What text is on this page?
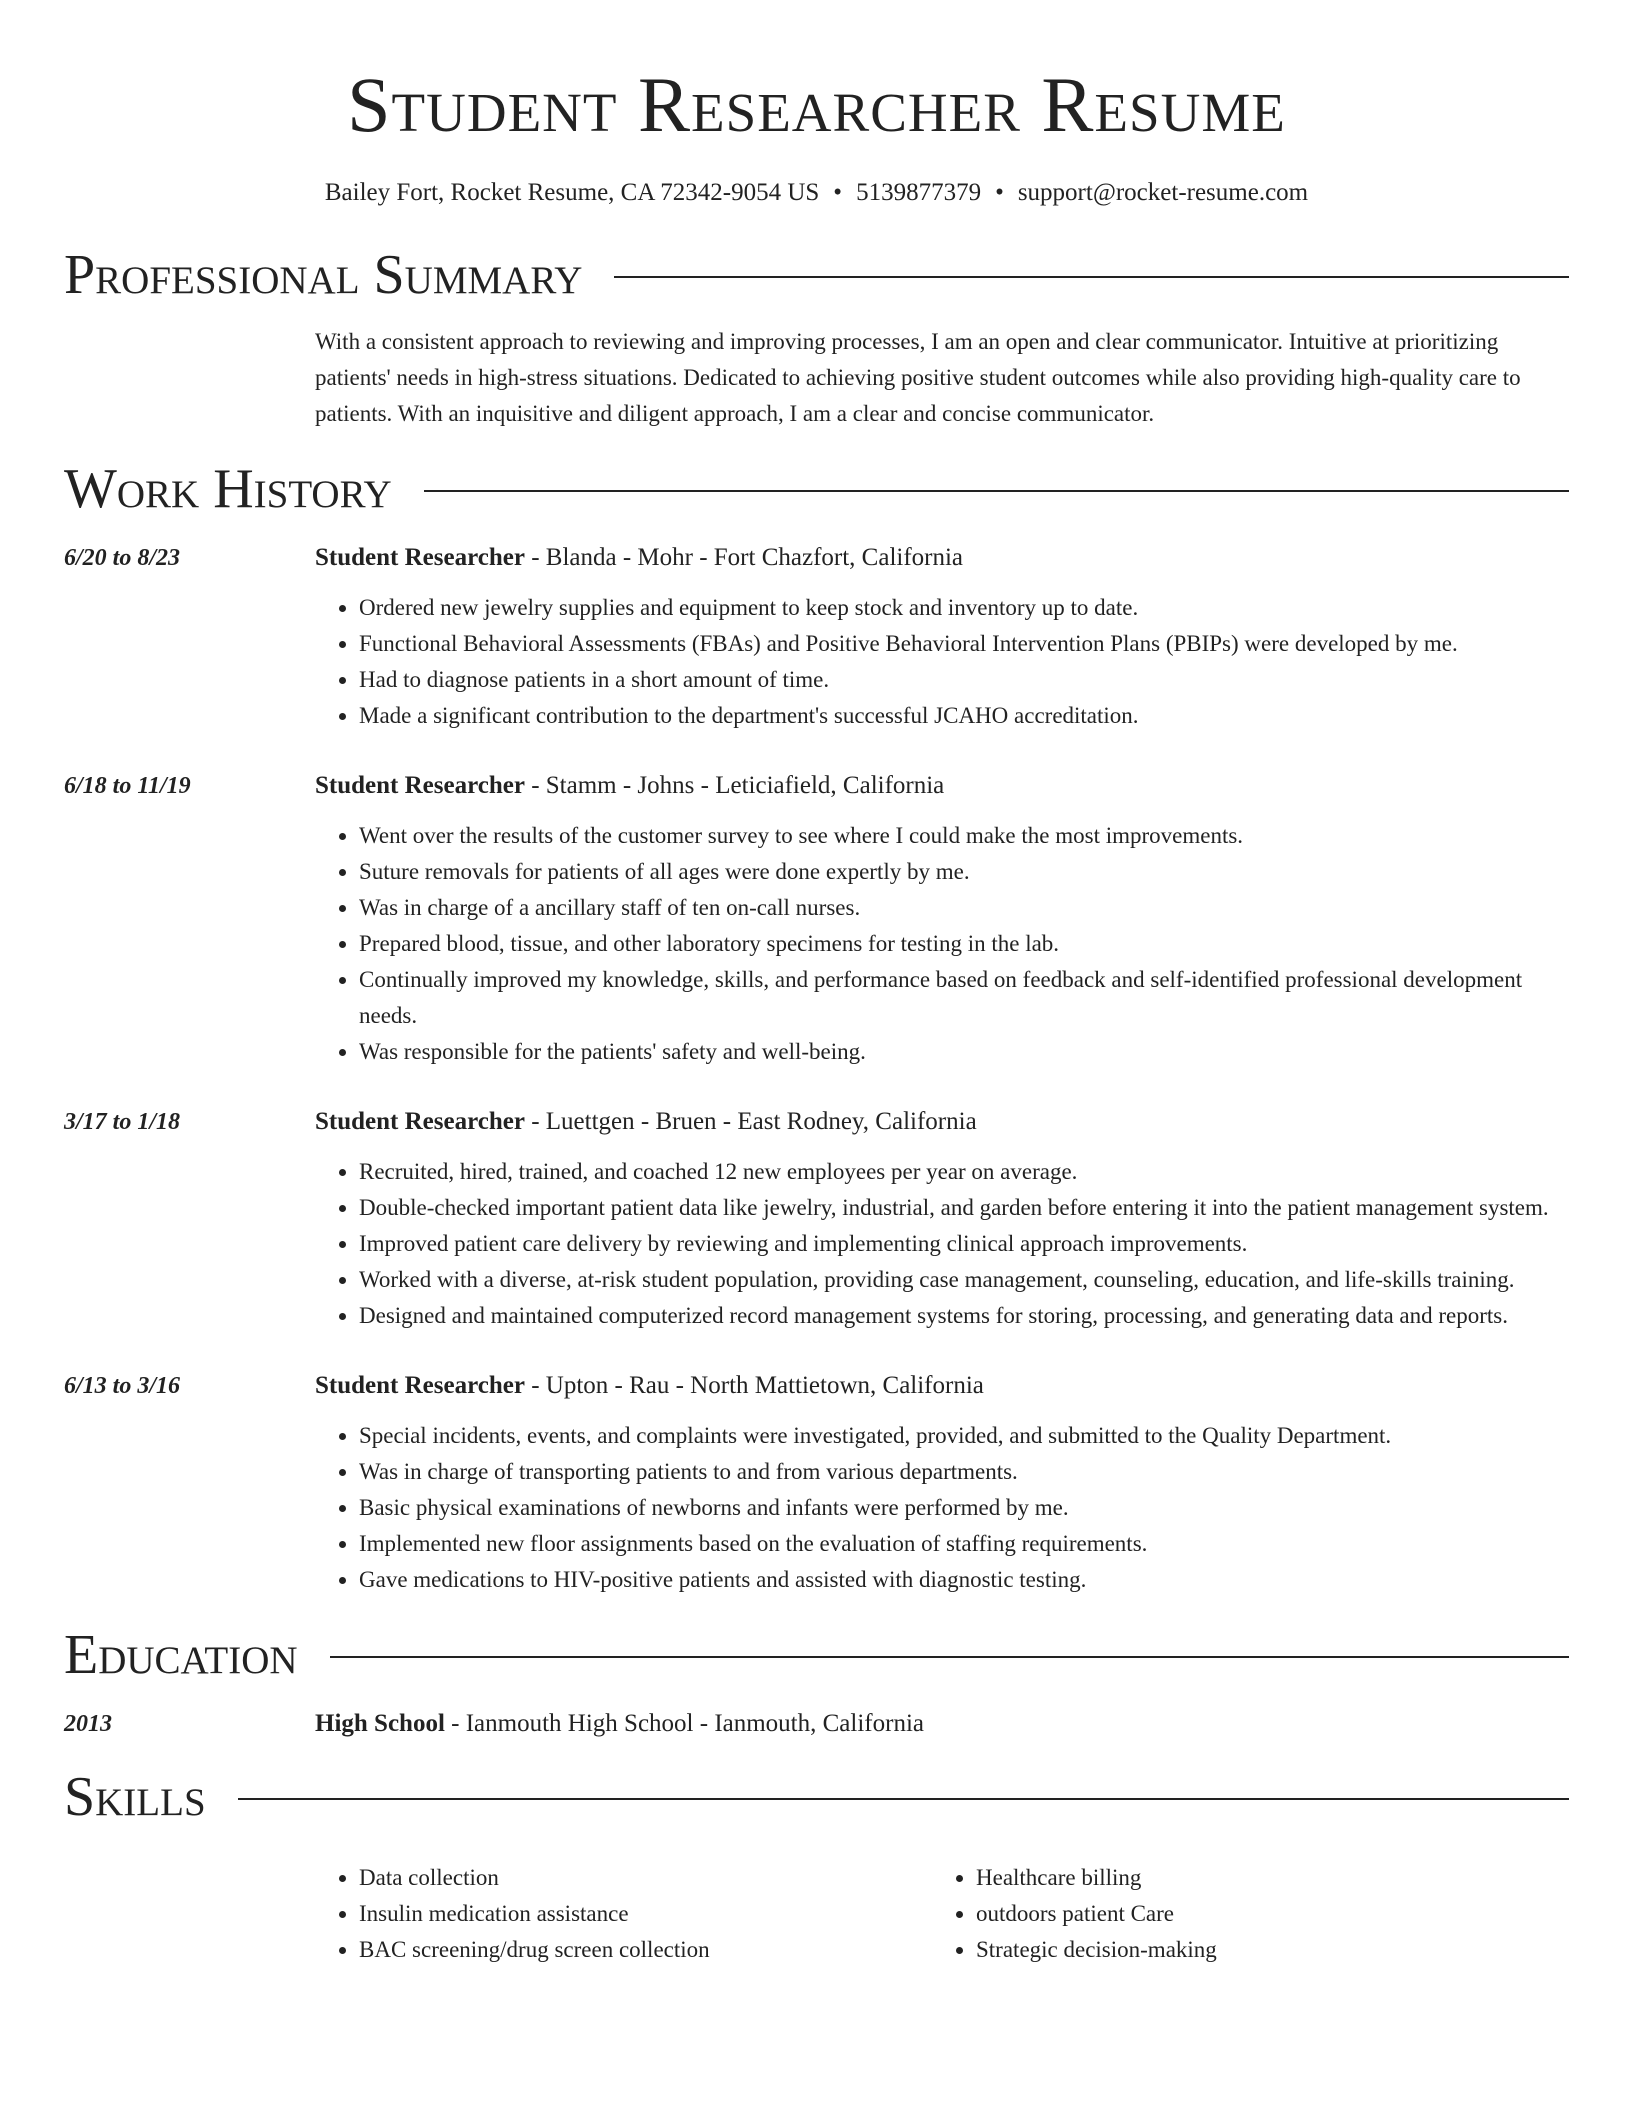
Student Researcher Resume
Bailey Fort, Rocket Resume, CA 72342-9054 US • 5139877379 • support@rocket-resume.com
Professional Summary
With a consistent approach to reviewing and improving processes, I am an open and clear communicator. Intuitive at prioritizing patients' needs in high-stress situations. Dedicated to achieving positive student outcomes while also providing high-quality care to patients. With an inquisitive and diligent approach, I am a clear and concise communicator.
Work History
6/20 to 8/23	Student Researcher - Blanda - Mohr - Fort Chazfort, California
• Ordered new jewelry supplies and equipment to keep stock and inventory up to date.
• Functional Behavioral Assessments (FBAs) and Positive Behavioral Intervention Plans (PBIPs) were developed by me.
• Had to diagnose patients in a short amount of time.
• Made a significant contribution to the department's successful JCAHO accreditation.
6/18 to 11/19	Student Researcher - Stamm - Johns - Leticiafield, California
• Went over the results of the customer survey to see where I could make the most improvements.
• Suture removals for patients of all ages were done expertly by me.
• Was in charge of a ancillary staff of ten on-call nurses.
• Prepared blood, tissue, and other laboratory specimens for testing in the lab.
• Continually improved my knowledge, skills, and performance based on feedback and self-identified professional development needs.
• Was responsible for the patients' safety and well-being.
3/17 to 1/18	Student Researcher - Luettgen - Bruen - East Rodney, California
• Recruited, hired, trained, and coached 12 new employees per year on average.
• Double-checked important patient data like jewelry, industrial, and garden before entering it into the patient management system.
• Improved patient care delivery by reviewing and implementing clinical approach improvements.
• Worked with a diverse, at-risk student population, providing case management, counseling, education, and life-skills training.
• Designed and maintained computerized record management systems for storing, processing, and generating data and reports.
6/13 to 3/16	Student Researcher - Upton - Rau - North Mattietown, California
• Special incidents, events, and complaints were investigated, provided, and submitted to the Quality Department.
• Was in charge of transporting patients to and from various departments.
• Basic physical examinations of newborns and infants were performed by me.
• Implemented new floor assignments based on the evaluation of staffing requirements.
• Gave medications to HIV-positive patients and assisted with diagnostic testing.
Education
2013	High School - Ianmouth High School - Ianmouth, California
Skills
• Data collection
• Insulin medication assistance
• BAC screening/drug screen collection
• Healthcare billing
• outdoors patient Care
• Strategic decision-making
